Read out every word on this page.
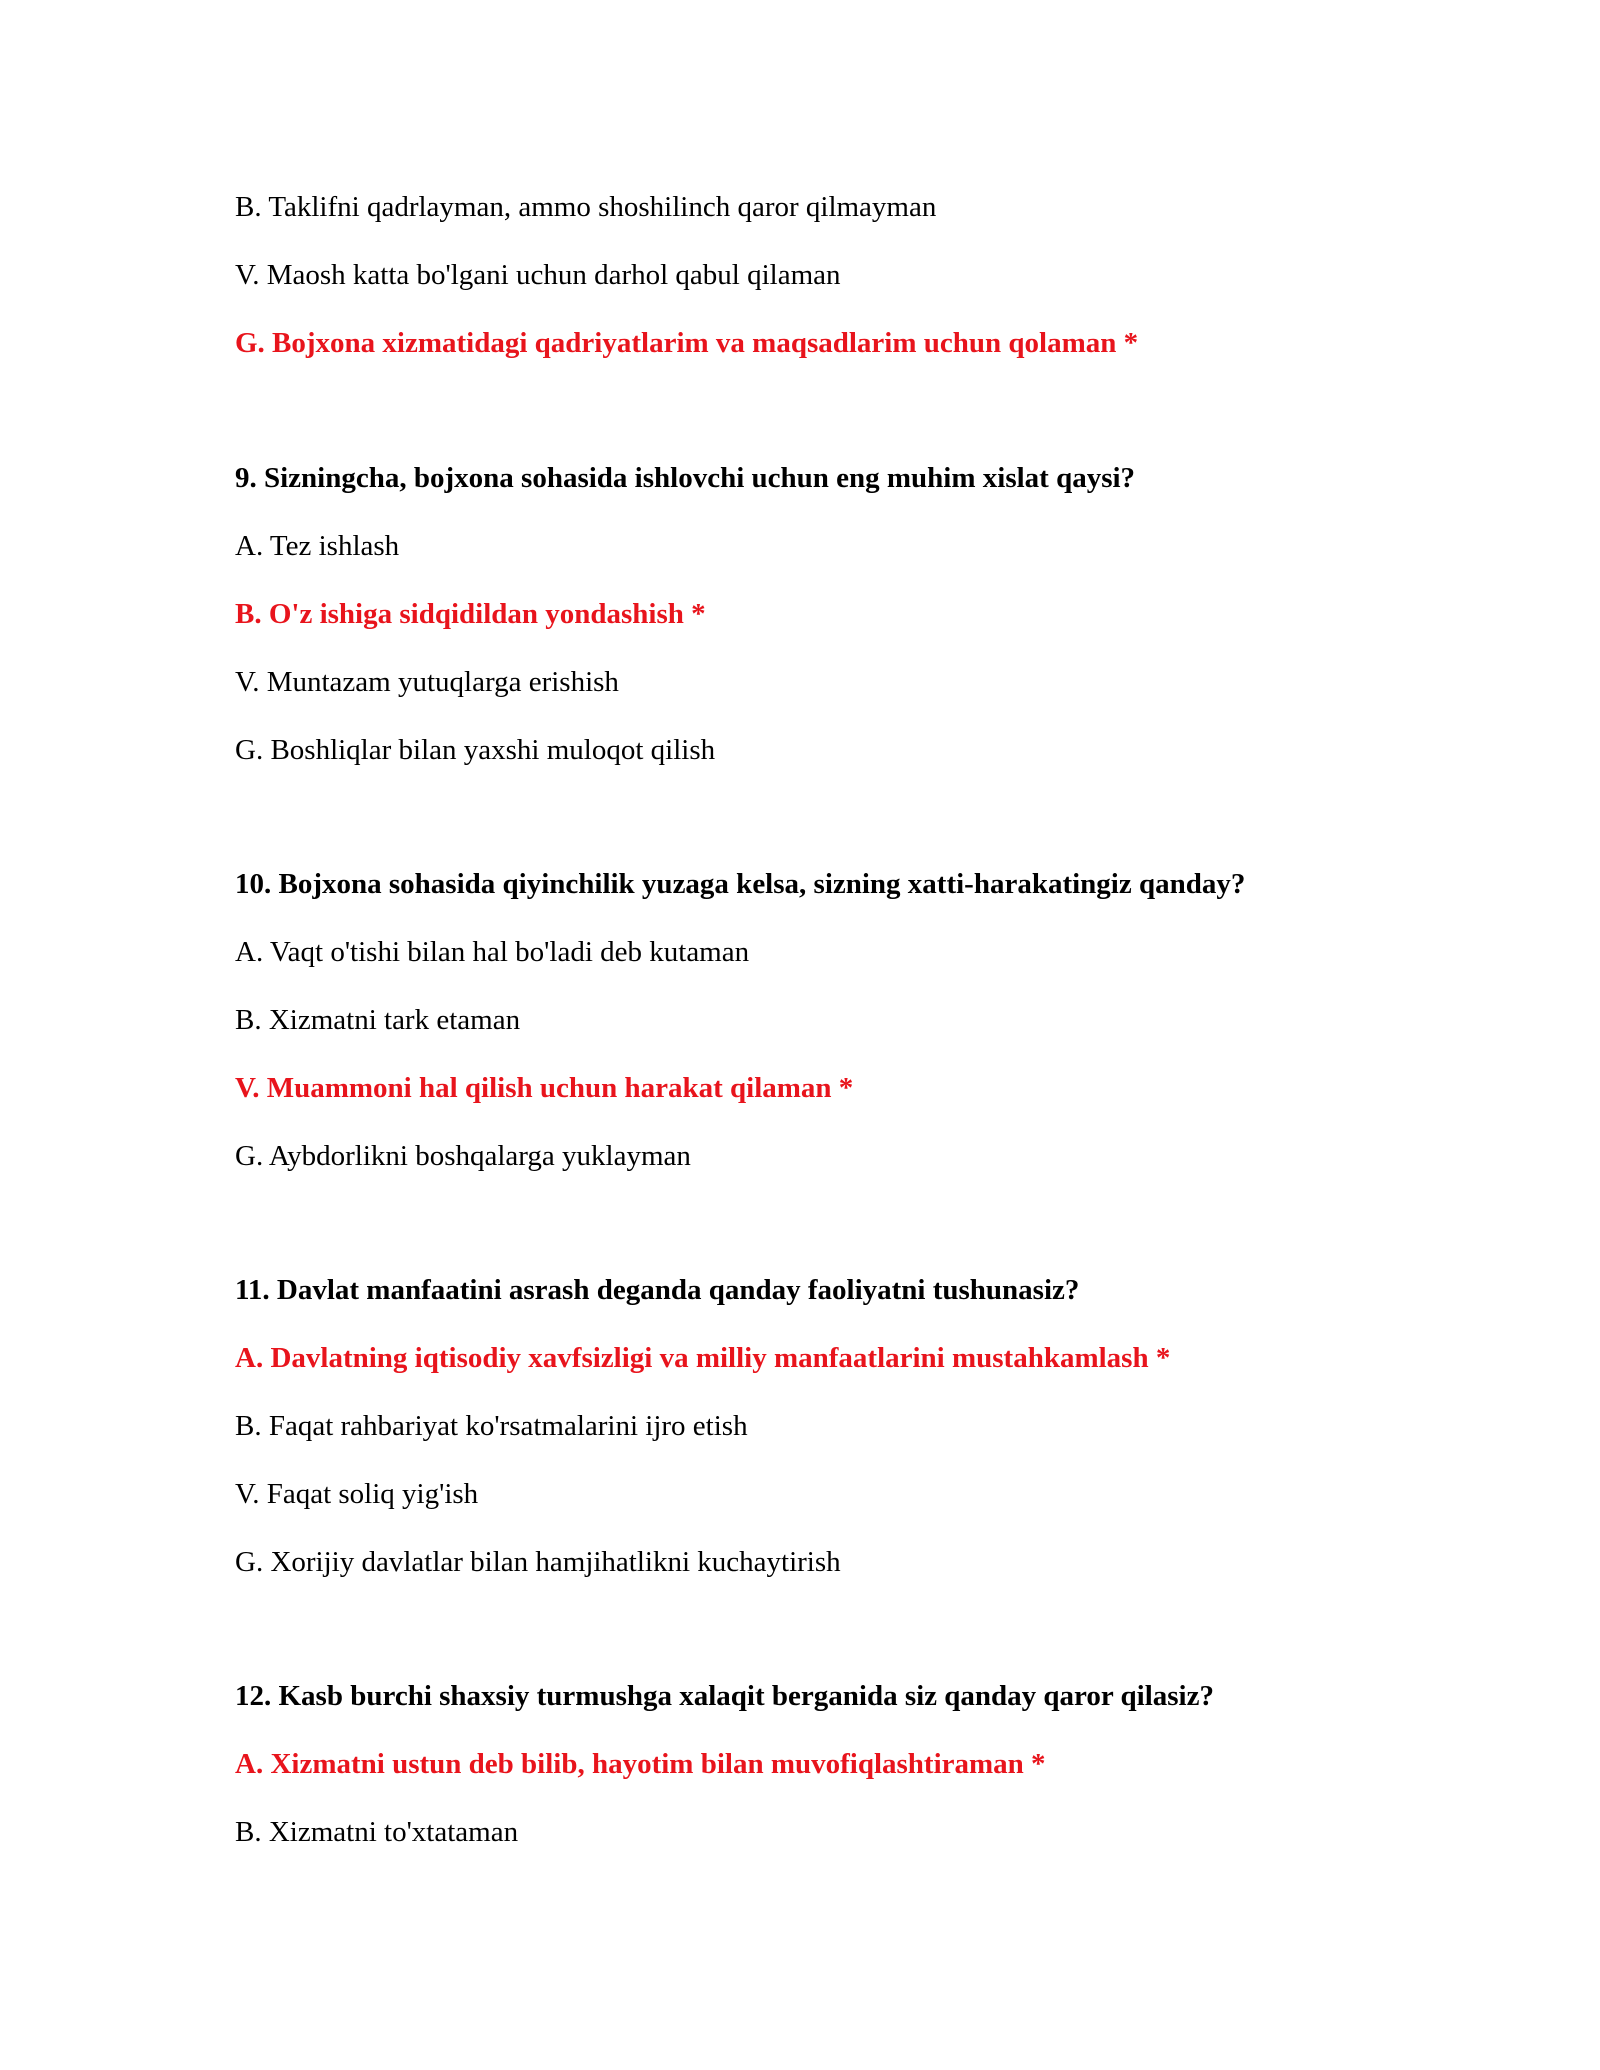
B. Taklifni qadrlayman, ammo shoshilinch qaror qilmayman

V. Maosh katta bo'lgani uchun darhol qabul qilaman

G. Bojxona xizmatidagi qadriyatlarim va maqsadlarim uchun qolaman *

9. Sizningcha, bojxona sohasida ishlovchi uchun eng muhim xislat qaysi?

A. Tez ishlash

B. O'z ishiga sidqidildan yondashish *

V. Muntazam yutuqlarga erishish

G. Boshliqlar bilan yaxshi muloqot qilish

10. Bojxona sohasida qiyinchilik yuzaga kelsa, sizning xatti-harakatingiz qanday?

A. Vaqt o'tishi bilan hal bo'ladi deb kutaman

B. Xizmatni tark etaman

V. Muammoni hal qilish uchun harakat qilaman *

G. Aybdorlikni boshqalarga yuklayman

11. Davlat manfaatini asrash deganda qanday faoliyatni tushunasiz?

A. Davlatning iqtisodiy xavfsizligi va milliy manfaatlarini mustahkamlash *

B. Faqat rahbariyat ko'rsatmalarini ijro etish

V. Faqat soliq yig'ish

G. Xorijiy davlatlar bilan hamjihatlikni kuchaytirish

12. Kasb burchi shaxsiy turmushga xalaqit berganida siz qanday qaror qilasiz?

A. Xizmatni ustun deb bilib, hayotim bilan muvofiqlashtiraman *

B. Xizmatni to'xtataman
